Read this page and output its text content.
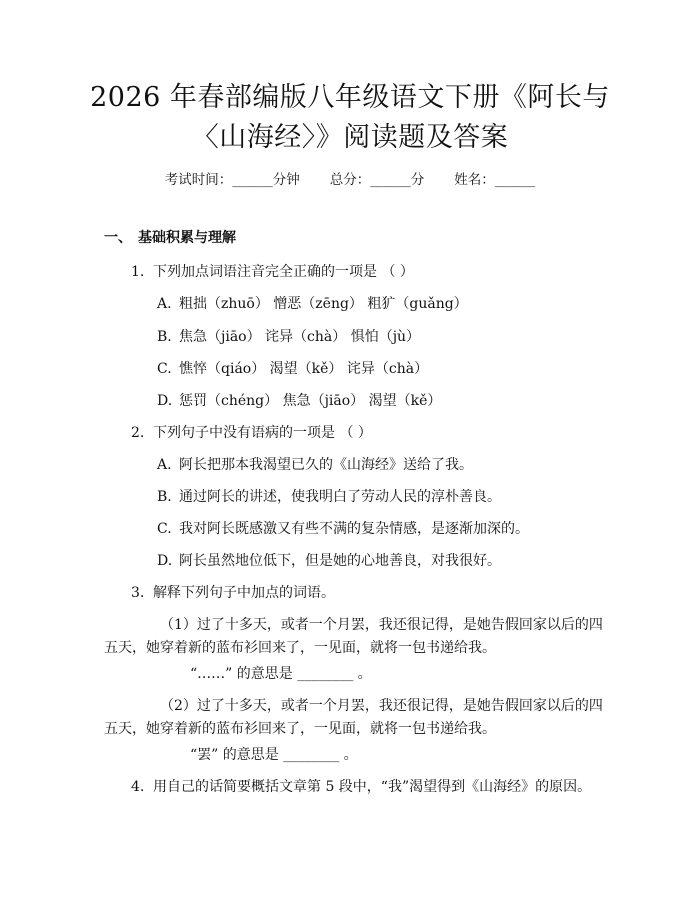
2026 年春部编版八年级语文下册《阿长与
〈山海经〉》阅读题及答案
考试时间：______分钟 总分：______分 姓名：______
一、 基础积累与理解
1. 下列加点词语注音完全正确的一项是 （ ）
A. 粗拙（zhuō） 憎恶（zēng） 粗犷（guǎng）
B. 焦急（jiāo） 诧异（chà） 惧怕（jù）
C. 憔悴（qiáo） 渴望（kě） 诧异（chà）
D. 惩罚（chéng） 焦急（jiāo） 渴望（kě）
2. 下列句子中没有语病的一项是 （ ）
A. 阿长把那本我渴望已久的《山海经》送给了我。
B. 通过阿长的讲述，使我明白了劳动人民的淳朴善良。
C. 我对阿长既感激又有些不满的复杂情感，是逐渐加深的。
D. 阿长虽然地位低下，但是她的心地善良，对我很好。
3. 解释下列句子中加点的词语。
（1）过了十多天，或者一个月罢，我还很记得，是她告假回家以后的四
五天，她穿着新的蓝布衫回来了，一见面，就将一包书递给我。
“……” 的意思是 ________ 。
（2）过了十多天，或者一个月罢，我还很记得，是她告假回家以后的四
五天，她穿着新的蓝布衫回来了，一见面，就将一包书递给我。
“罢” 的意思是 ________ 。
4. 用自己的话简要概括文章第 5 段中，“我”渴望得到《山海经》的原因。
